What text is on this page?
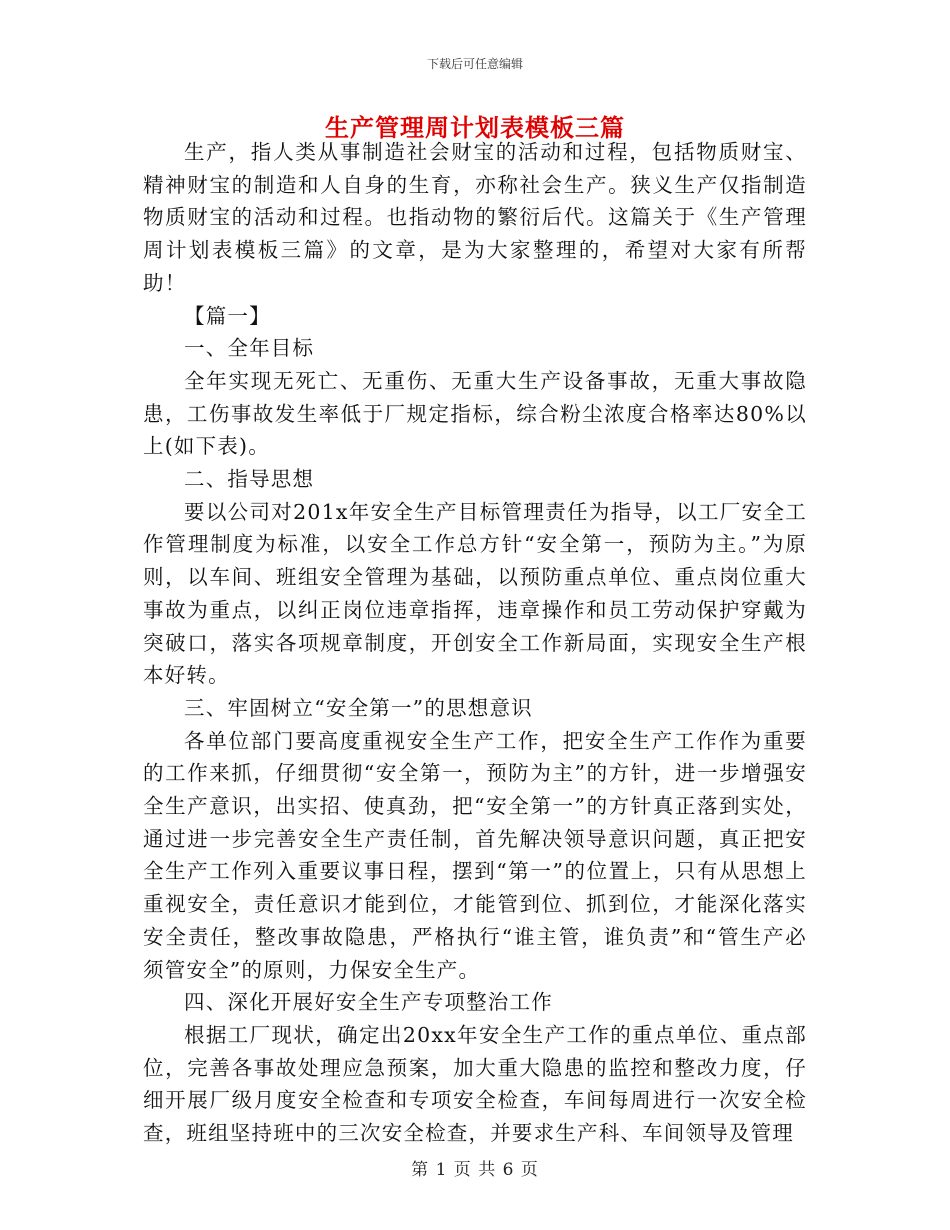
下载后可任意编辑
生产管理周计划表模板三篇

生产，指人类从事制造社会财宝的活动和过程，包括物质财宝、精神财宝的制造和人自身的生育，亦称社会生产。狭义生产仅指制造物质财宝的活动和过程。也指动物的繁衍后代。这篇关于《生产管理周计划表模板三篇》的文章，是为大家整理的，希望对大家有所帮助！

【篇一】

一、全年目标

全年实现无死亡、无重伤、无重大生产设备事故，无重大事故隐患，工伤事故发生率低于厂规定指标，综合粉尘浓度合格率达80%以上(如下表)。

二、指导思想

要以公司对201x年安全生产目标管理责任为指导，以工厂安全工作管理制度为标准，以安全工作总方针“安全第一，预防为主。”为原则，以车间、班组安全管理为基础，以预防重点单位、重点岗位重大事故为重点，以纠正岗位违章指挥，违章操作和员工劳动保护穿戴为突破口，落实各项规章制度，开创安全工作新局面，实现安全生产根本好转。

三、牢固树立“安全第一”的思想意识

各单位部门要高度重视安全生产工作，把安全生产工作作为重要的工作来抓，仔细贯彻“安全第一，预防为主”的方针，进一步增强安全生产意识，出实招、使真劲，把“安全第一”的方针真正落到实处，通过进一步完善安全生产责任制，首先解决领导意识问题，真正把安全生产工作列入重要议事日程，摆到“第一”的位置上，只有从思想上重视安全，责任意识才能到位，才能管到位、抓到位，才能深化落实安全责任，整改事故隐患，严格执行“谁主管，谁负责”和“管生产必须管安全”的原则，力保安全生产。

四、深化开展好安全生产专项整治工作

根据工厂现状，确定出20xx年安全生产工作的重点单位、重点部位，完善各事故处理应急预案，加大重大隐患的监控和整改力度，仔细开展厂级月度安全检查和专项安全检查，车间每周进行一次安全检查，班组坚持班中的三次安全检查，并要求生产科、车间领导及管理

第 1 页 共 6 页
